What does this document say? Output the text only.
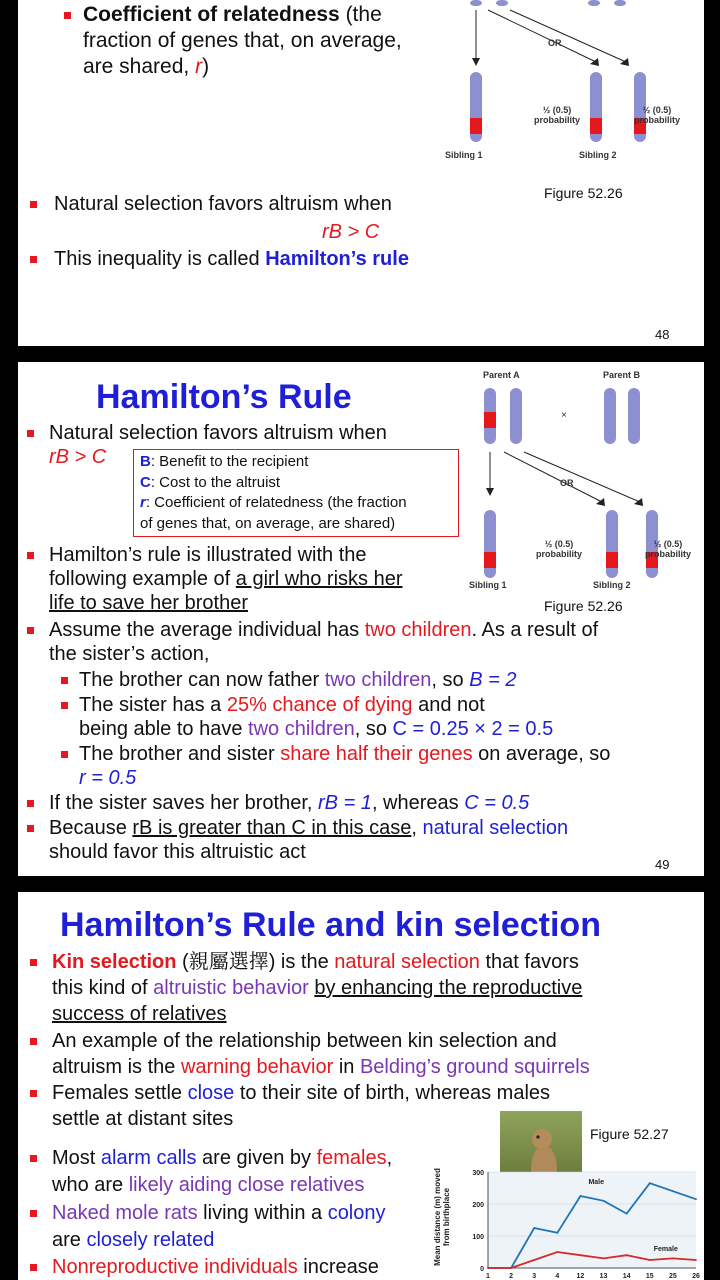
Coefficient of relatedness (the
fraction of genes that, on average,
are shared, r)
OR
½ (0.5)
probability
½ (0.5)
probability
Sibling 1	Sibling 2
Figure 52.26
Natural selection favors altruism when
rB > C
This inequality is called Hamilton’s rule
48
Hamilton’s Rule
Natural selection favors altruism when
rB > C	B: Benefit to the recipient
C: Cost to the altruist
r: Coefficient of relatedness (the fraction
of genes that, on average, are shared)
Parent A	Parent B
×
OR
½ (0.5)
probability
½ (0.5)
probability
Sibling 1	Sibling 2
Figure 52.26
Hamilton’s rule is illustrated with the
following example of a girl who risks her
life to save her brother
Assume the average individual has two children. As a result of
the sister’s action,
The brother can now father two children, so B = 2
The sister has a 25% chance of dying and not
being able to have two children, so C = 0.25 × 2 = 0.5
The brother and sister share half their genes on average, so
r = 0.5
If the sister saves her brother, rB = 1, whereas C = 0.5
Because rB is greater than C in this case, natural selection
should favor this altruistic act
49
Hamilton’s Rule and kin selection
Kin selection (親屬選擇) is the natural selection that favors
this kind of altruistic behavior by enhancing the reproductive
success of relatives
An example of the relationship between kin selection and
altruism is the warning behavior in Belding’s ground squirrels
Females settle close to their site of birth, whereas males
settle at distant sites
Most alarm calls are given by females,
who are likely aiding close relatives
Naked mole rats living within a colony
are closely related
Nonreproductive individuals increase
Figure 52.27
Mean distance (m) moved from birthplace
0
100
200
300
1	2	3	4 12 13 14 15 25 26
Male
Female
